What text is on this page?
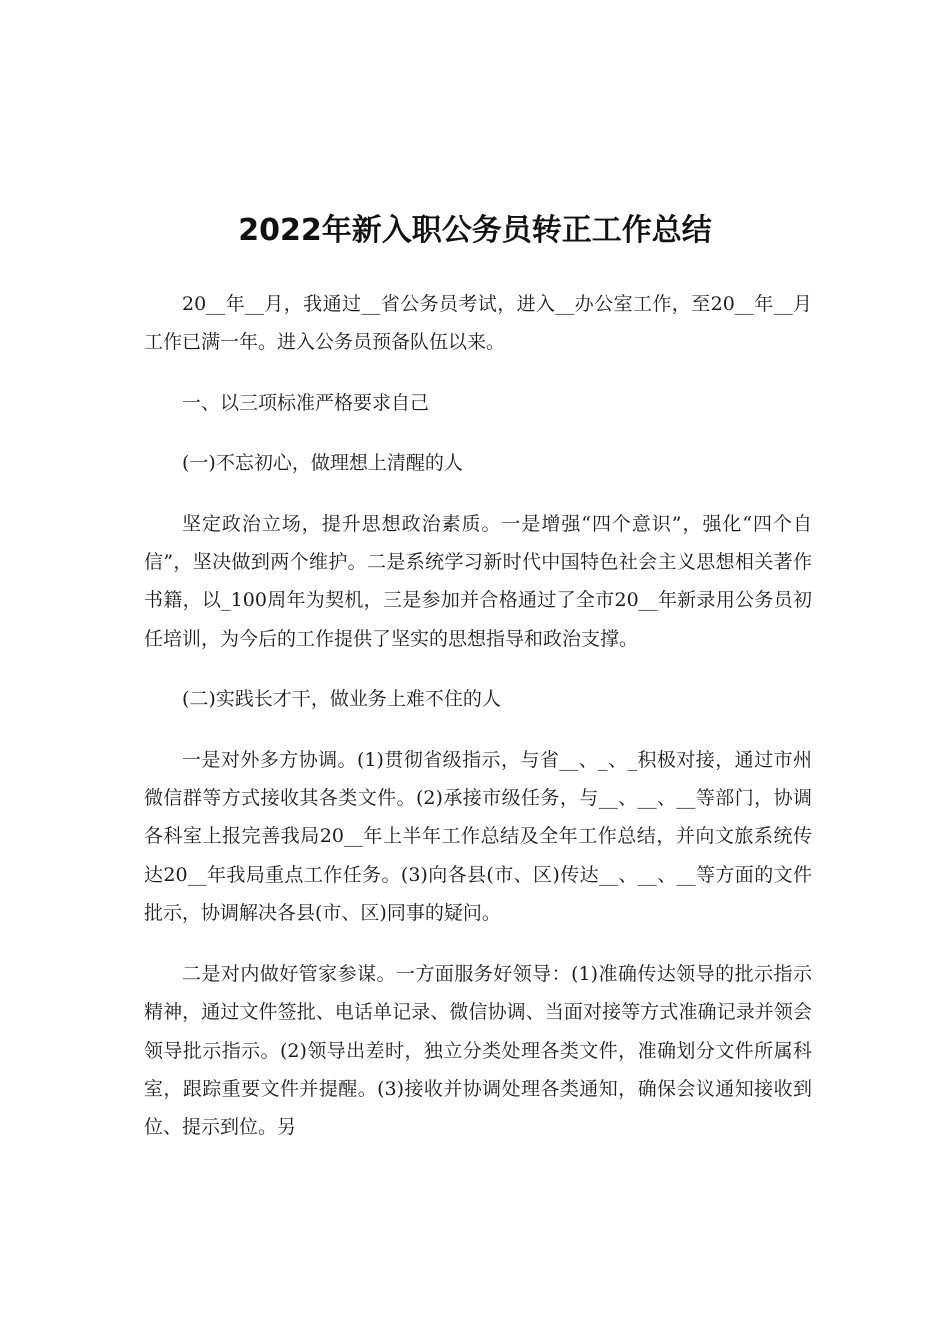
2022年新入职公务员转正工作总结

20__年__月，我通过__省公务员考试，进入__办公室工作，至20__年__月工作已满一年。进入公务员预备队伍以来。

一、以三项标准严格要求自己

(一)不忘初心，做理想上清醒的人

坚定政治立场，提升思想政治素质。一是增强“四个意识”，强化“四个自信”，坚决做到两个维护。二是系统学习新时代中国特色社会主义思想相关著作书籍，以_100周年为契机，三是参加并合格通过了全市20__年新录用公务员初任培训，为今后的工作提供了坚实的思想指导和政治支撑。

(二)实践长才干，做业务上难不住的人

一是对外多方协调。(1)贯彻省级指示，与省__、_、_积极对接，通过市州微信群等方式接收其各类文件。(2)承接市级任务，与__、__、__等部门，协调各科室上报完善我局20__年上半年工作总结及全年工作总结，并向文旅系统传达20__年我局重点工作任务。(3)向各县(市、区)传达__、__、__等方面的文件批示，协调解决各县(市、区)同事的疑问。

二是对内做好管家参谋。一方面服务好领导：(1)准确传达领导的批示指示精神，通过文件签批、电话单记录、微信协调、当面对接等方式准确记录并领会领导批示指示。(2)领导出差时，独立分类处理各类文件，准确划分文件所属科室，跟踪重要文件并提醒。(3)接收并协调处理各类通知，确保会议通知接收到位、提示到位。另
